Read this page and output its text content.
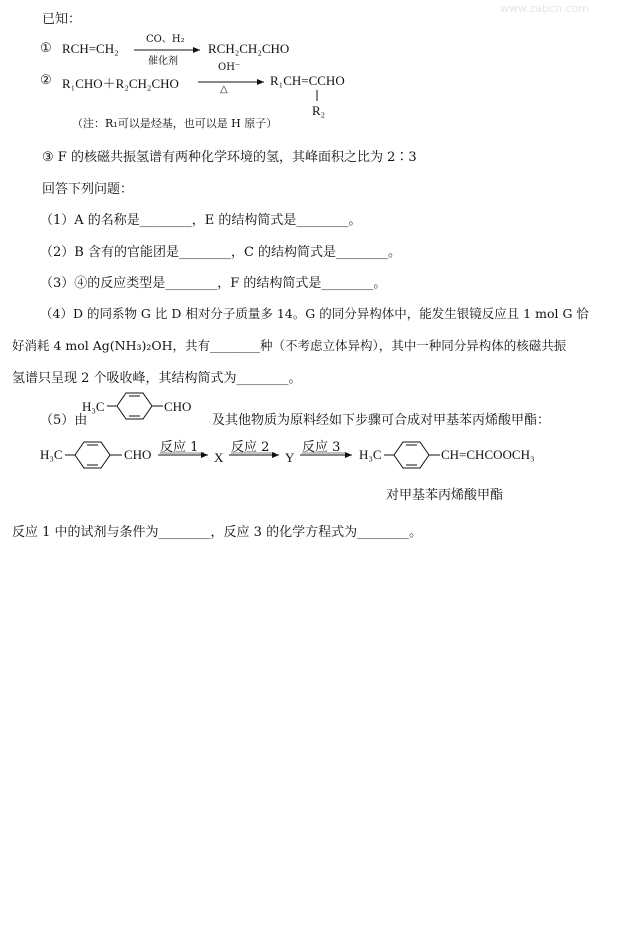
www.zabcn.com
已知：
① RCH=CH₂
CO、H₂
催化剂
RCH₂CH₂CHO
② R₁CHO＋R₂CH₂CHO
OH⁻
△
R₁CH=CCHO
R₂
（注：R₁可以是烃基，也可以是 H 原子）
③ F 的核磁共振氢谱有两种化学环境的氢，其峰面积之比为 2∶3
回答下列问题：
（1）A 的名称是________，E 的结构简式是________。
（2）B 含有的官能团是________，C 的结构简式是________。
（3）④的反应类型是________，F 的结构简式是________。
（4）D 的同系物 G 比 D 相对分子质量多 14。G 的同分异构体中，能发生银镜反应且 1 mol G 恰
好消耗 4 mol Ag(NH₃)₂OH，共有________种（不考虑立体异构），其中一种同分异构体的核磁共振
氢谱只呈现 2 个吸收峰，其结构简式为________。
（5）由
H₃C	CHO
及其他物质为原料经如下步骤可合成对甲基苯丙烯酸甲酯：
H₃C	CHO 反应 1
X
反应 2
Y
反应 3 H₃C	CH=CHCOOCH₃
对甲基苯丙烯酸甲酯
反应 1 中的试剂与条件为________，反应 3 的化学方程式为________。
